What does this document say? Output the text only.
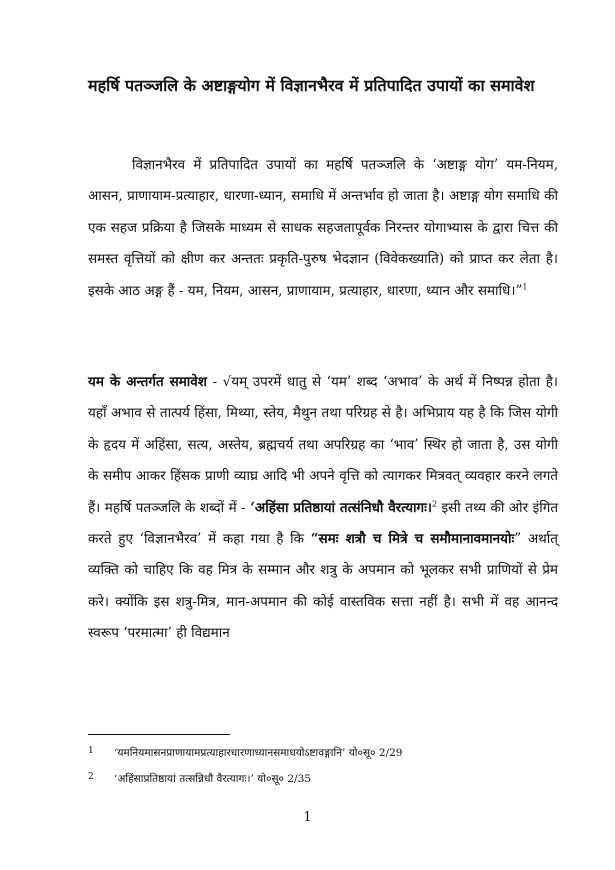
महर्षि पतञ्जलि के अष्टाङ्गयोग में विज्ञानभैरव में प्रतिपादित उपायों का समावेश

विज्ञानभैरव में प्रतिपादित उपायों का महर्षि पतञ्जलि के ‘अष्टाङ्ग योग’ यम-नियम, आसन, प्राणायाम-प्रत्याहार, धारणा-ध्यान, समाधि में अन्तर्भाव हो जाता है। अष्टाङ्ग योग समाधि की एक सहज प्रक्रिया है जिसके माध्यम से साधक सहजतापूर्वक निरन्तर योगाभ्यास के द्वारा चित्त की समस्त वृत्तियों को क्षीण कर अन्ततः प्रकृति-पुरुष भेदज्ञान (विवेकख्याति) को प्राप्त कर लेता है। इसके आठ अङ्ग हैं - यम, नियम, आसन, प्राणायाम, प्रत्याहार, धारणा, ध्यान और समाधि।”$^1$

यम के अन्तर्गत समावेश - √यम् उपरमें धातु से ‘यम’ शब्द ‘अभाव’ के अर्थ में निष्पन्न होता है। यहाँ अभाव से तात्पर्य हिंसा, मिथ्या, स्तेय, मैथुन तथा परिग्रह से है। अभिप्राय यह है कि जिस योगी के हृदय में अहिंसा, सत्य, अस्तेय, ब्रह्मचर्य तथा अपरिग्रह का ‘भाव’ स्थिर हो जाता है, उस योगी के समीप आकर हिंसक प्राणी व्याघ्र आदि भी अपने वृत्ति को त्यागकर मित्रवत् व्यवहार करने लगते हैं। महर्षि पतञ्जलि के शब्दों में - ‘अहिंसा प्रतिष्ठायां तत्संनिधौ वैरत्यागः।$^2$ इसी तथ्य की ओर इंगित करते हुए ‘विज्ञानभैरव’ में कहा गया है कि “समः शत्रौ च मित्रे च समौमानावमानयोः” अर्थात् व्यक्ति को चाहिए कि वह मित्र के सम्मान और शत्रु के अपमान को भूलकर सभी प्राणियों से प्रेम करे। क्योंकि इस शत्रु-मित्र, मान-अपमान की कोई वास्तविक सत्ता नहीं है। सभी में वह आनन्द स्वरूप ‘परमात्मा’ ही विद्यमान

1 ‘यमनियमासनप्राणायामप्रत्याहारधारणाध्यानसमाधयोऽष्टावङ्गानि’ यो०सू० 2/29
2 ‘अहिंसाप्रतिष्ठायां तत्सन्निधौ वैरत्यागः।’ यो०सू० 2/35
1
